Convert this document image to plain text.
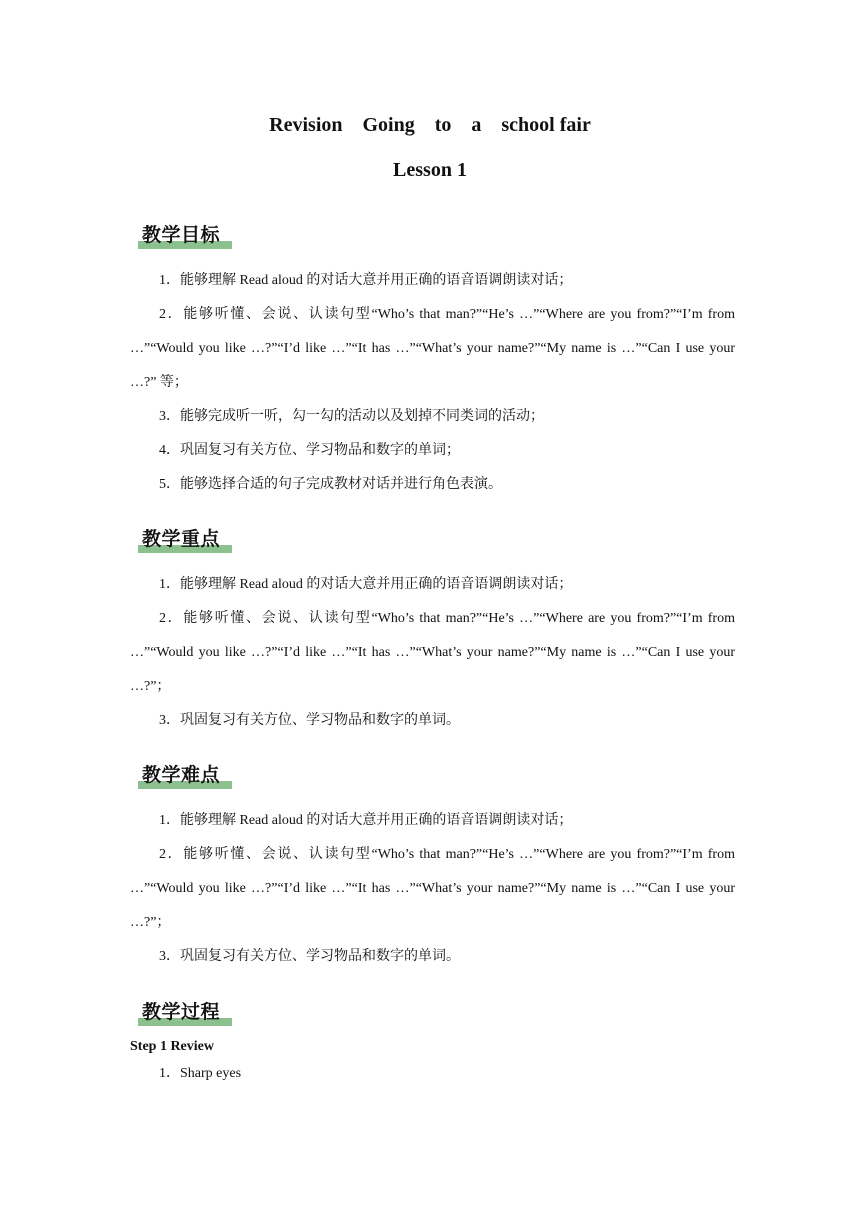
Revision    Going    to    a    school fair
Lesson 1
教学目标

1．能够理解 Read aloud 的对话大意并用正确的语音语调朗读对话；

2．能够听懂、会说、认读句型“Who’s that man?”“He’s …”“Where are you from?”“I’m from …”“Would you like …?”“I’d like …”“It has …”“What’s your name?”“My name is …”“Can I use your …?” 等；

3．能够完成听一听，勾一勾的活动以及划掉不同类词的活动；

4．巩固复习有关方位、学习物品和数字的单词；

5．能够选择合适的句子完成教材对话并进行角色表演。

教学重点

1．能够理解 Read aloud 的对话大意并用正确的语音语调朗读对话；

2．能够听懂、会说、认读句型“Who’s that man?”“He’s …”“Where are you from?”“I’m from …”“Would you like …?”“I’d like …”“It has …”“What’s your name?”“My name is …”“Can I use your …?”；

3．巩固复习有关方位、学习物品和数字的单词。

教学难点

1．能够理解 Read aloud 的对话大意并用正确的语音语调朗读对话；

2．能够听懂、会说、认读句型“Who’s that man?”“He’s …”“Where are you from?”“I’m from …”“Would you like …?”“I’d like …”“It has …”“What’s your name?”“My name is …”“Can I use your …?”；

3．巩固复习有关方位、学习物品和数字的单词。

教学过程

Step 1 Review

1．Sharp eyes
